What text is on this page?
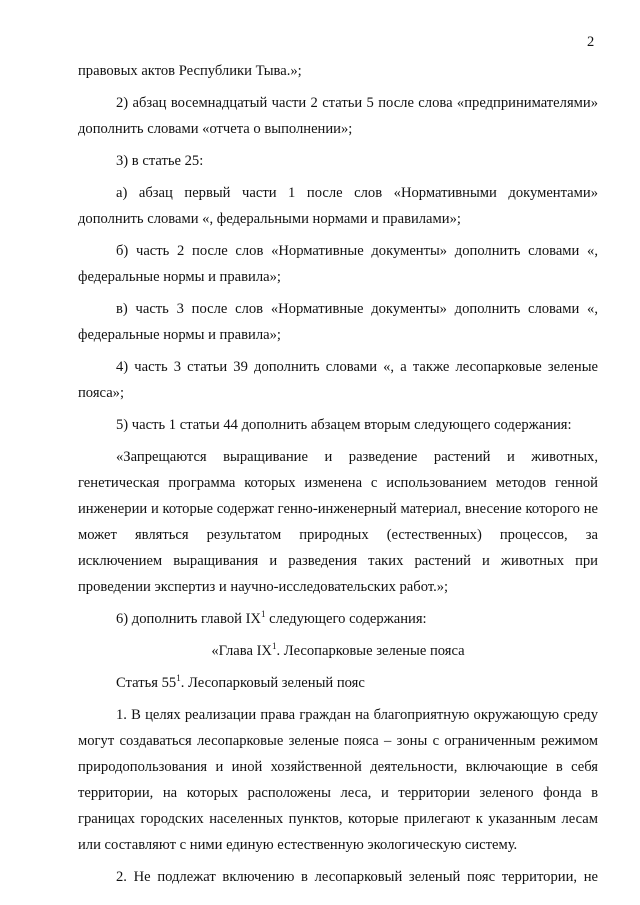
2

правовых актов Республики Тыва.»;

2) абзац восемнадцатый части 2 статьи 5 после слова «предпринимателями» дополнить словами «отчета о выполнении»;

3) в статье 25:

а) абзац первый части 1 после слов «Нормативными документами» дополнить словами «, федеральными нормами и правилами»;

б) часть 2 после слов «Нормативные документы» дополнить словами «, федеральные нормы и правила»;

в) часть 3 после слов «Нормативные документы» дополнить словами «, федеральные нормы и правила»;

4) часть 3 статьи 39 дополнить словами «, а также лесопарковые зеленые пояса»;

5) часть 1 статьи 44 дополнить абзацем вторым следующего содержания:

«Запрещаются выращивание и разведение растений и животных, генетическая программа которых изменена с использованием методов генной инженерии и которые содержат генно-инженерный материал, внесение которого не может являться результатом природных (естественных) процессов, за исключением выращивания и разведения таких растений и животных при проведении экспертиз и научно-исследовательских работ.»;

6) дополнить главой $IX^1$ следующего содержания:

«Глава $IX^1$. Лесопарковые зеленые пояса

Статья $55^1$. Лесопарковый зеленый пояс

1. В целях реализации права граждан на благоприятную окружающую среду могут создаваться лесопарковые зеленые пояса – зоны с ограниченным режимом природопользования и иной хозяйственной деятельности, включающие в себя территории, на которых расположены леса, и территории зеленого фонда в границах городских населенных пунктов, которые прилегают к указанным лесам или составляют с ними единую естественную экологическую систему.

2. Не подлежат включению в лесопарковый зеленый пояс территории, не
